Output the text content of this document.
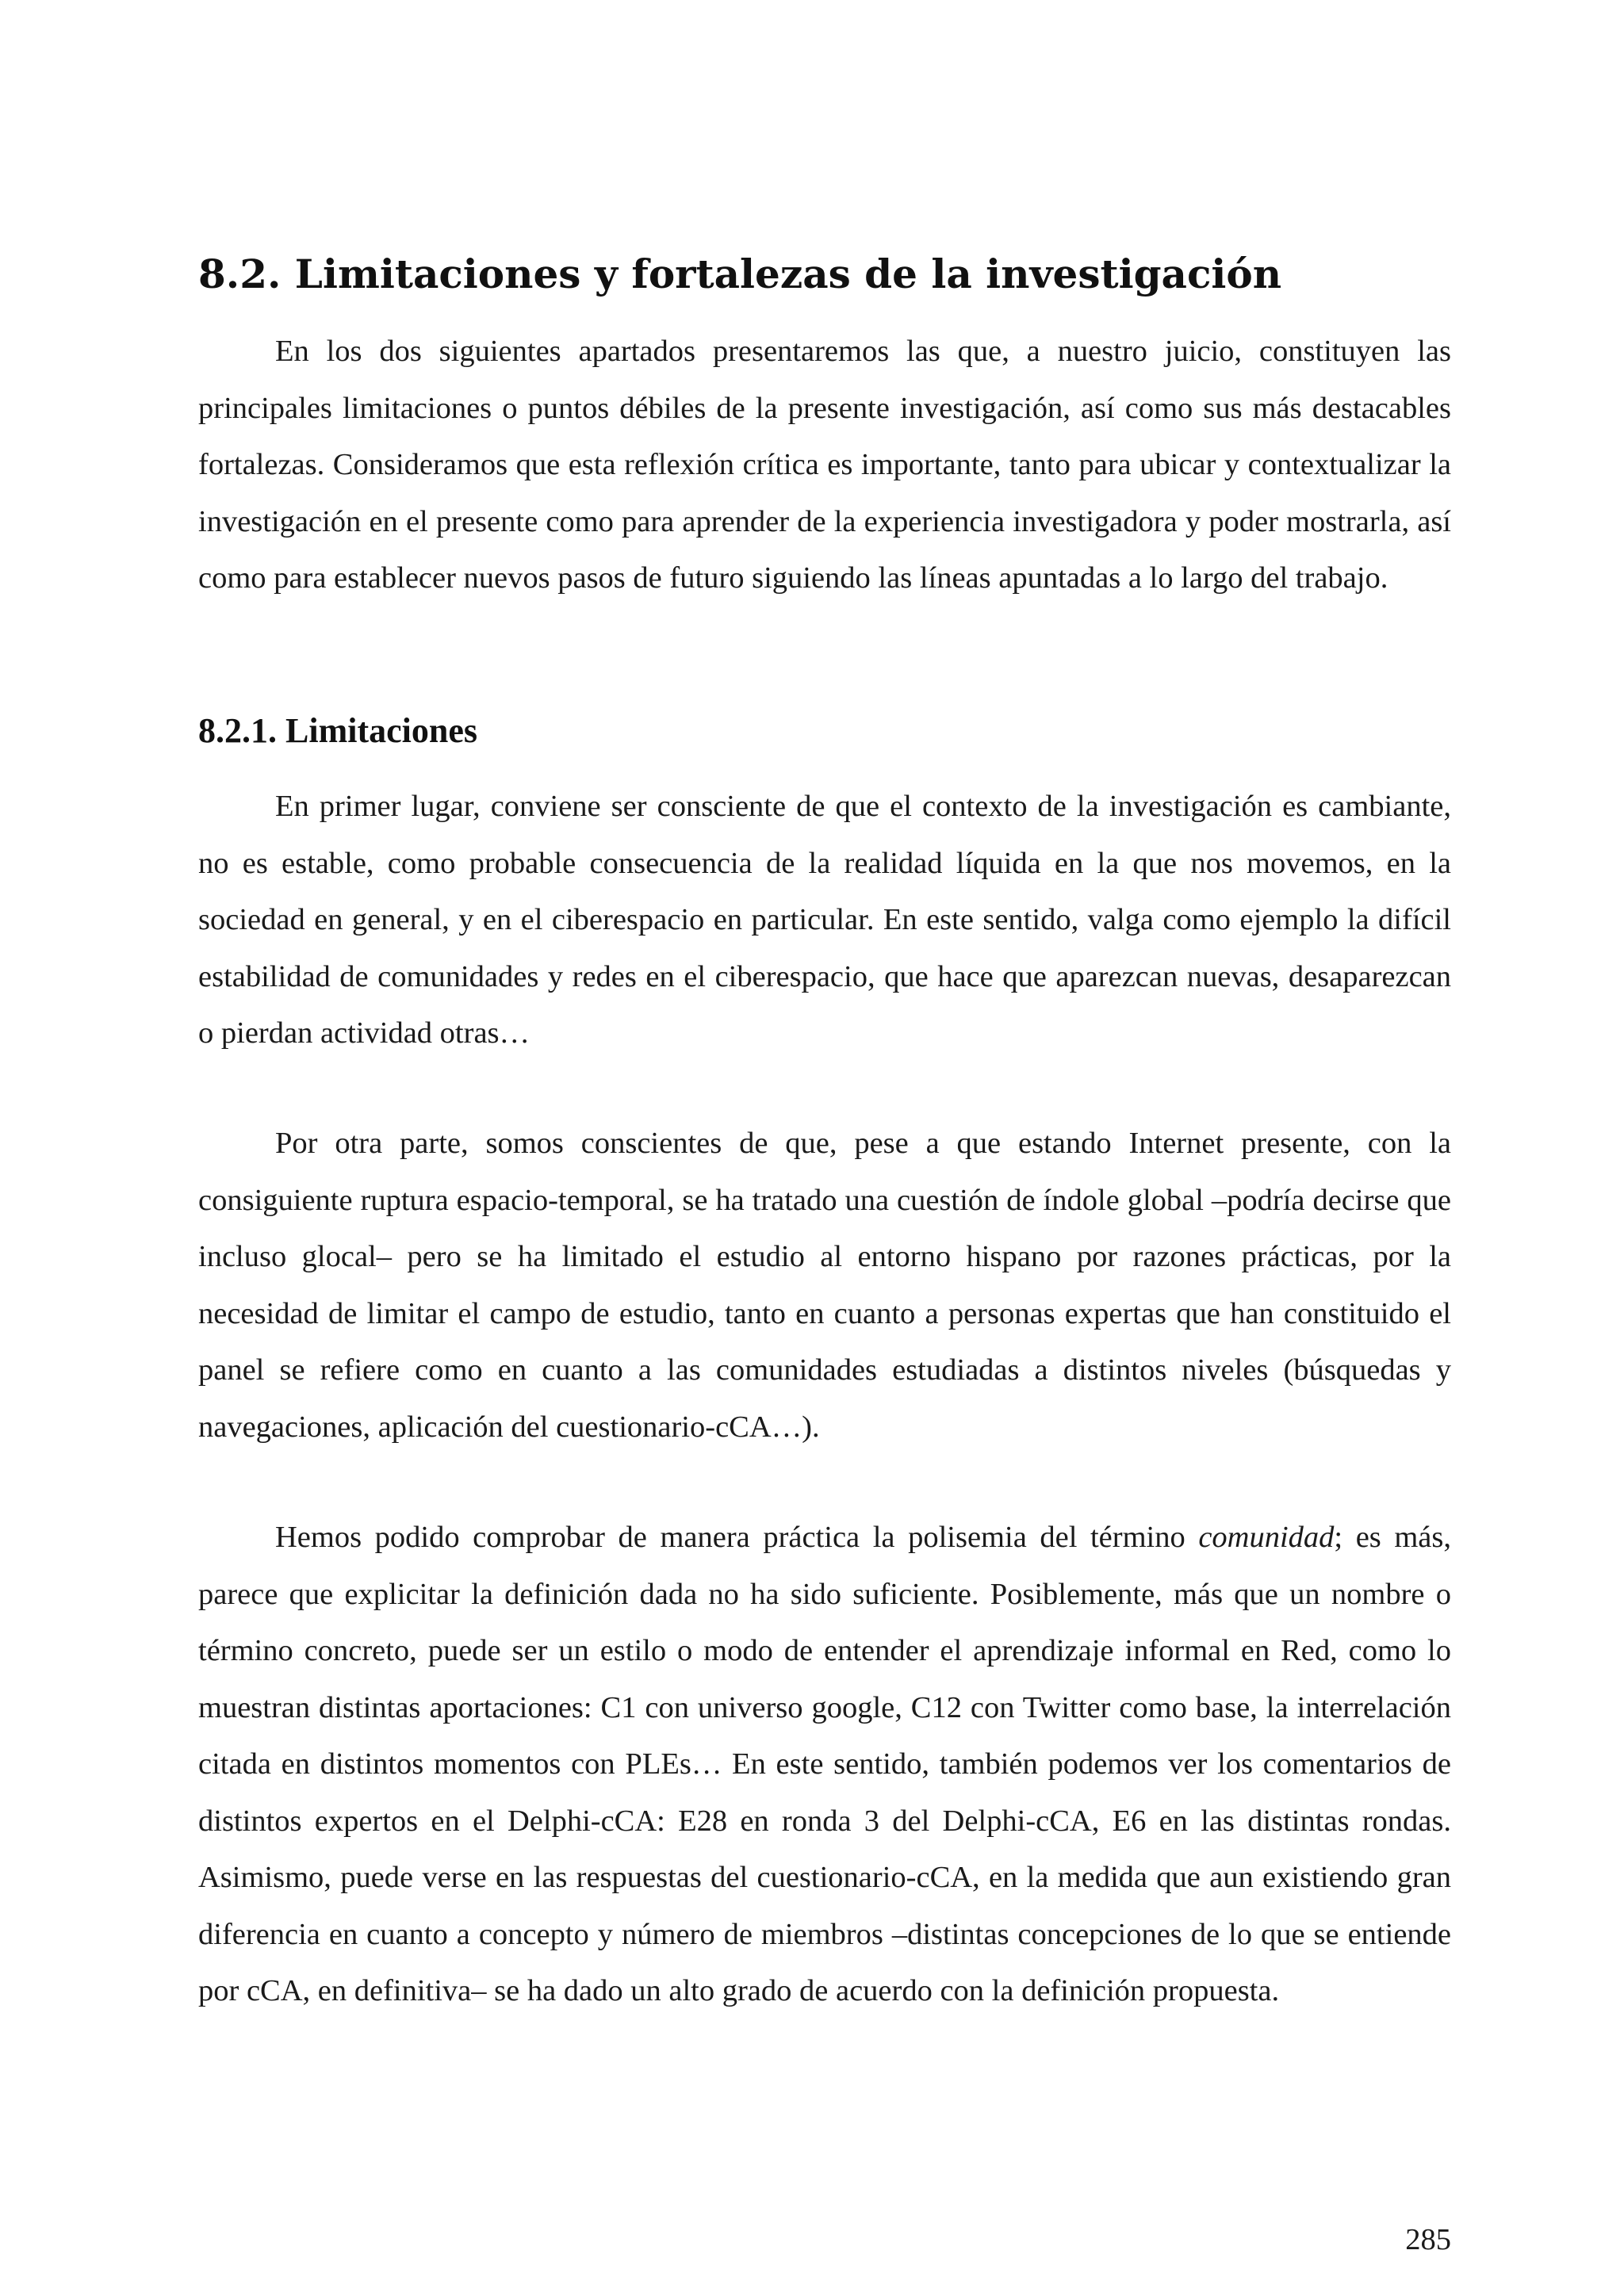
8.2. Limitaciones y fortalezas de la investigación

En los dos siguientes apartados presentaremos las que, a nuestro juicio, constituyen las principales limitaciones o puntos débiles de la presente investigación, así como sus más destacables fortalezas. Consideramos que esta reflexión crítica es importante, tanto para ubicar y contextualizar la investigación en el presente como para aprender de la experiencia investigadora y poder mostrarla, así como para establecer nuevos pasos de futuro siguiendo las líneas apuntadas a lo largo del trabajo.

8.2.1. Limitaciones

En primer lugar, conviene ser consciente de que el contexto de la investigación es cambiante, no es estable, como probable consecuencia de la realidad líquida en la que nos movemos, en la sociedad en general, y en el ciberespacio en particular. En este sentido, valga como ejemplo la difícil estabilidad de comunidades y redes en el ciberespacio, que hace que aparezcan nuevas, desaparezcan o pierdan actividad otras…

Por otra parte, somos conscientes de que, pese a que estando Internet presente, con la consiguiente ruptura espacio-temporal, se ha tratado una cuestión de índole global –podría decirse que incluso glocal– pero se ha limitado el estudio al entorno hispano por razones prácticas, por la necesidad de limitar el campo de estudio, tanto en cuanto a personas expertas que han constituido el panel se refiere como en cuanto a las comunidades estudiadas a distintos niveles (búsquedas y navegaciones, aplicación del cuestionario-cCA…).

Hemos podido comprobar de manera práctica la polisemia del término comunidad; es más, parece que explicitar la definición dada no ha sido suficiente. Posiblemente, más que un nombre o término concreto, puede ser un estilo o modo de entender el aprendizaje informal en Red, como lo muestran distintas aportaciones: C1 con universo google, C12 con Twitter como base, la interrelación citada en distintos momentos con PLEs… En este sentido, también podemos ver los comentarios de distintos expertos en el Delphi-cCA: E28 en ronda 3 del Delphi-cCA, E6 en las distintas rondas. Asimismo, puede verse en las respuestas del cuestionario-cCA, en la medida que aun existiendo gran diferencia en cuanto a concepto y número de miembros –distintas concepciones de lo que se entiende por cCA, en definitiva– se ha dado un alto grado de acuerdo con la definición propuesta.

285
